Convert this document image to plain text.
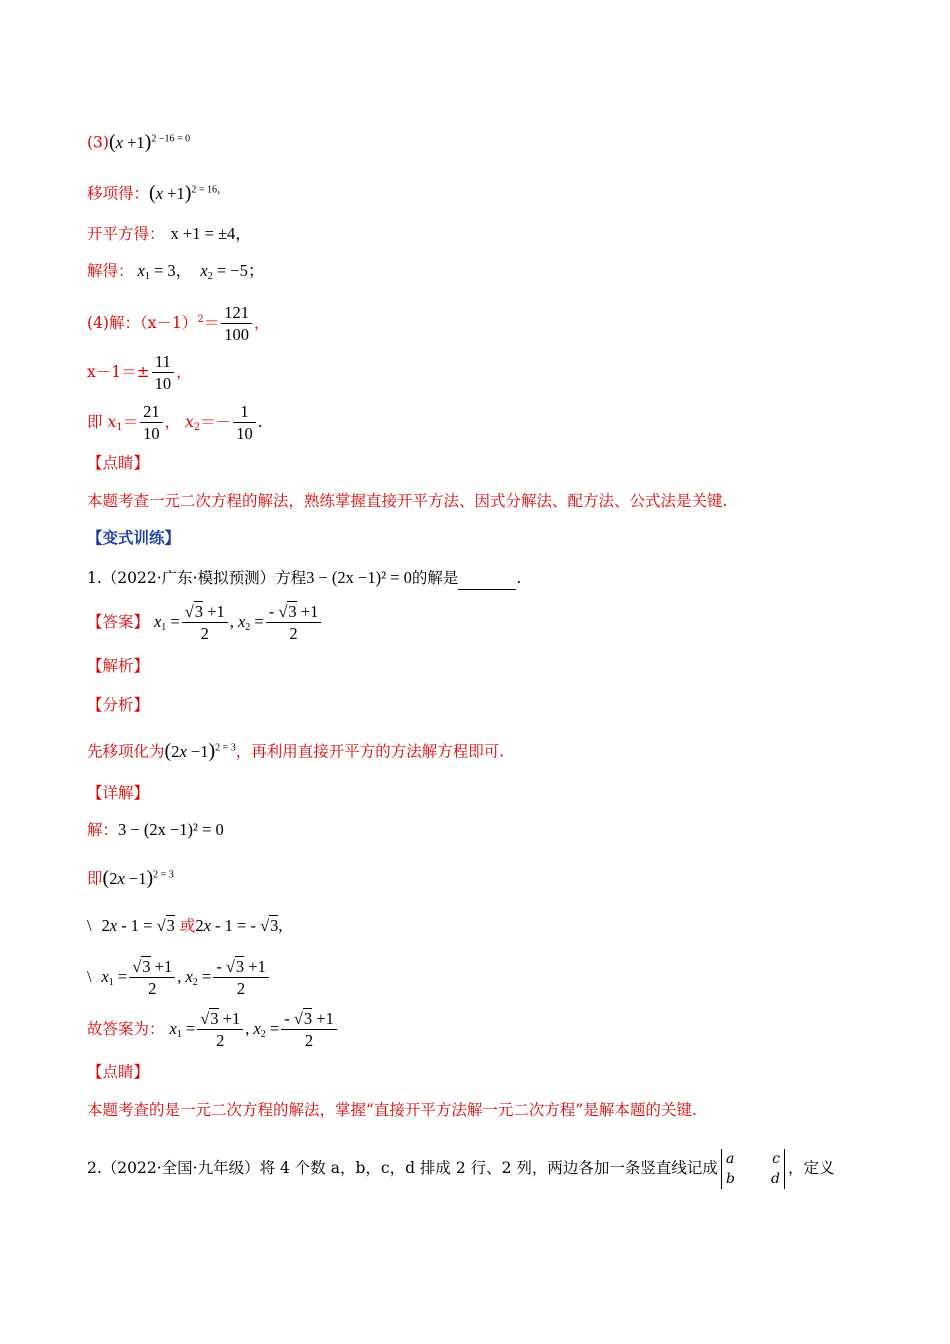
$(3)(x +1)^{2 -16 = 0}$
移项得：$(x +1)^{2 = 16,}$
开平方得： x +1 = ±4，
解得： $x_1 = 3$， $x_2 = -5$；
(4)解：$(x-1)^2= \frac{121}{100}$ ，
$x-1=\pm \frac{11}{10}$ ，
即 $x_1= \frac{21}{10}$ ， $x_2=- \frac{1}{10}$ .
【点睛】
本题考查一元二次方程的解法，熟练掌握直接开平方法、因式分解法、配方法、公式法是关键.
【变式训练】
1.（2022·广东·模拟预测）方程3 − (2x −1)² = 0的解是	.
【答案】 $x_1 = \frac{√3 +1}{2}$ , $x_2 = \frac{- √3 +1}{2}$
【解析】
【分析】
先移项化为$(2x -1)^{2 = 3}$，再利用直接开平方的方法解方程即可.
【详解】
解：3 − (2x −1)² = 0
即$(2x -1)^{2 = 3}$
\ 2x - 1 = √3 或2x - 1 = - √3,
\ $x_1 = \frac{√3 +1}{2}$ , $x_2 = \frac{- √3 +1}{2}$
故答案为： $x_1 = \frac{√3 +1}{2}$ , $x_2 = \frac{- √3 +1}{2}$
【点睛】
本题考查的是一元二次方程的解法，掌握“直接开平方法解一元二次方程”是解本题的关键.
2.（2022·全国·九年级）将 4 个数 a，b，c，d 排成 2 行、2 列，两边各加一条竖直线记成 a	c
b	d
，定义
